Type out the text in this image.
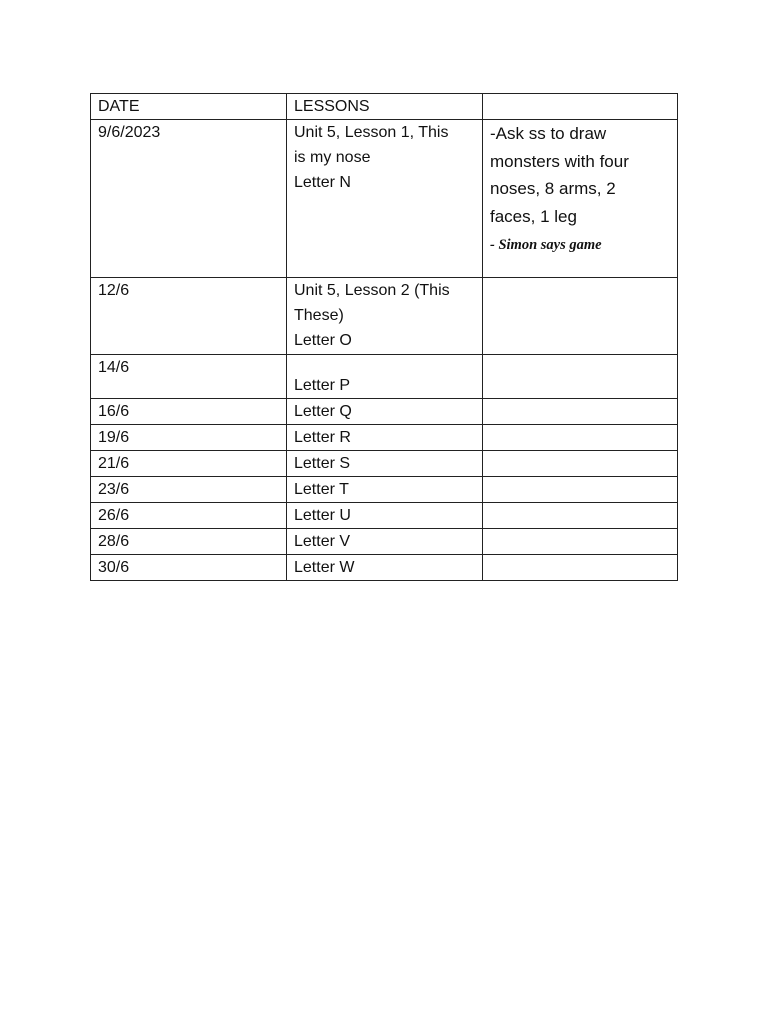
DATE	LESSONS	
9/6/2023	Unit 5, Lesson 1, This
is my nose
Letter N	-Ask ss to draw
monsters with four
noses, 8 arms, 2
faces, 1 leg
- Simon says game

12/6	Unit 5, Lesson 2 (This
These)
Letter O	

14/6	Letter P	

16/6	Letter Q	
19/6	Letter R	
21/6	Letter S	
23/6	Letter T	
26/6	Letter U	
28/6	Letter V	
30/6	Letter W	
